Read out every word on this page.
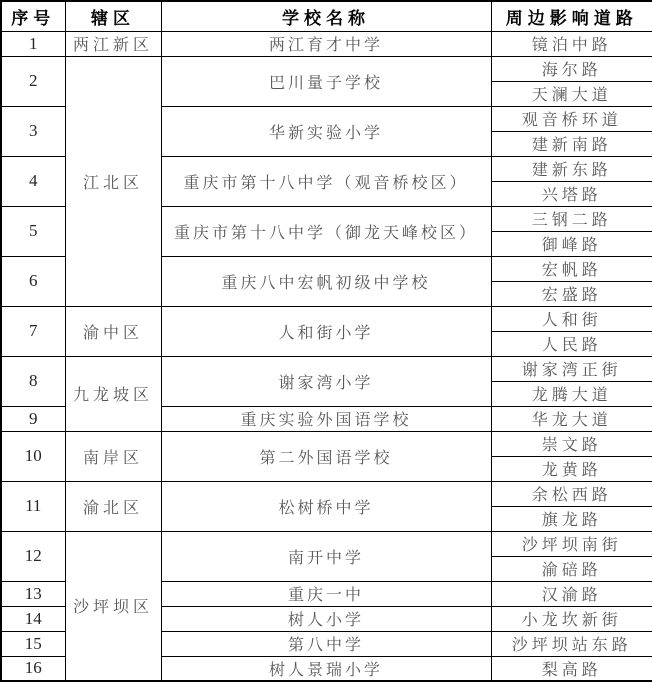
序号	辖区	学校名称	周边影响道路
1	两江新区	两江育才中学	镜泊中路
2	江北区	巴川量子学校	海尔路
			天澜大道
3		华新实验小学	观音桥环道
			建新南路
4		重庆市第十八中学（观音桥校区）	建新东路
			兴塔路
5		重庆市第十八中学（御龙天峰校区）	三钢二路
			御峰路
6		重庆八中宏帆初级中学校	宏帆路
			宏盛路
7	渝中区	人和街小学	人和街
			人民路
8	九龙坡区	谢家湾小学	谢家湾正街
			龙腾大道
9		重庆实验外国语学校	华龙大道
10	南岸区	第二外国语学校	崇文路
			龙黄路
11	渝北区	松树桥中学	余松西路
			旗龙路
12	沙坪坝区	南开中学	沙坪坝南街
			渝碚路
13		重庆一中	汉渝路
14		树人小学	小龙坎新街
15		第八中学	沙坪坝站东路
16		树人景瑞小学	梨高路
